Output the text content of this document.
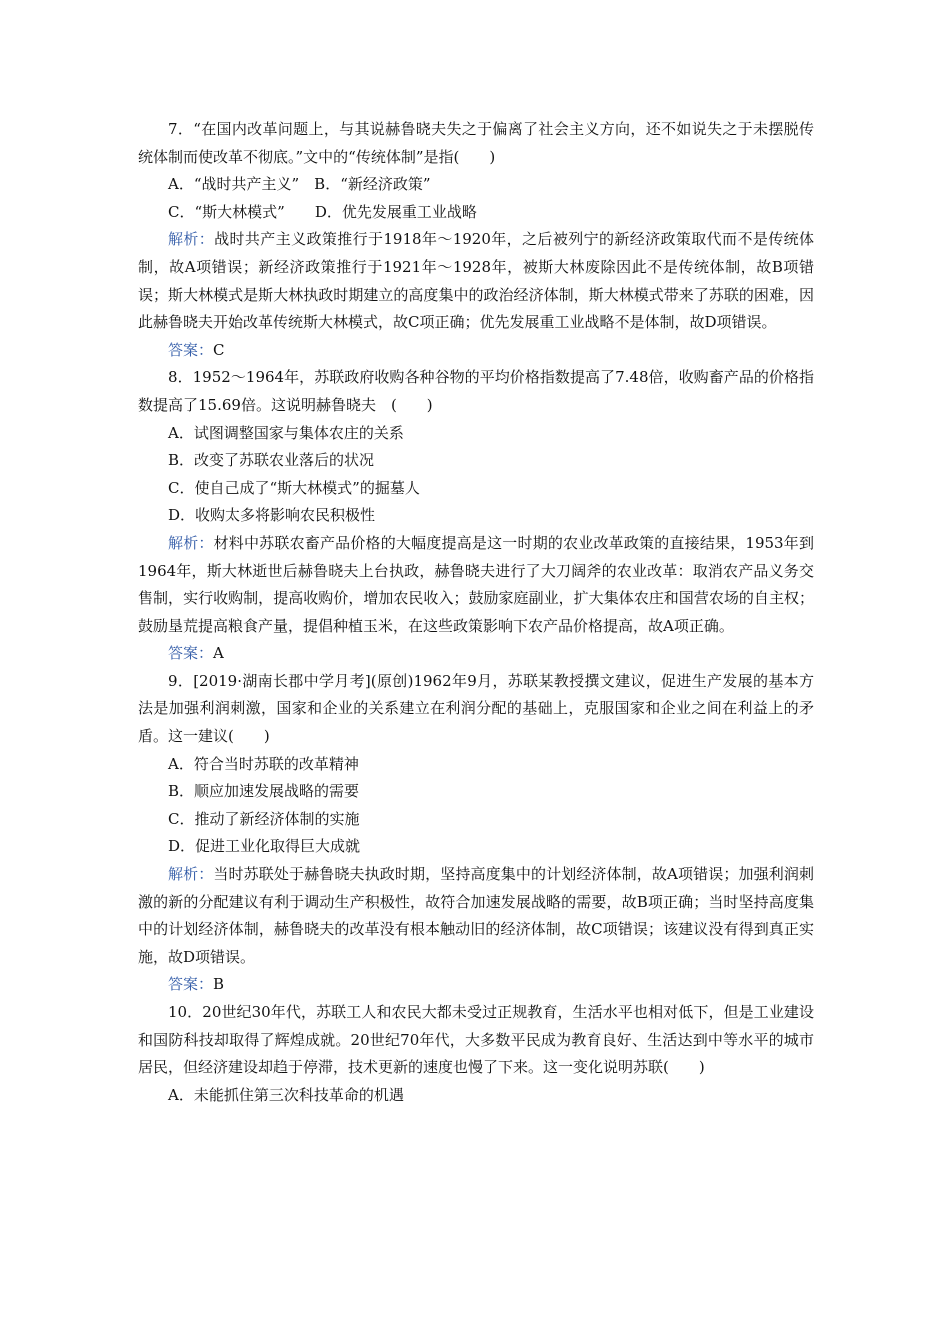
7．“在国内改革问题上，与其说赫鲁晓夫失之于偏离了社会主义方向，还不如说失之于未摆脱传统体制而使改革不彻底。”文中的“传统体制”是指(　　)

A．“战时共产主义”　B．“新经济政策”

C．“斯大林模式”　　D．优先发展重工业战略

解析：战时共产主义政策推行于1918年～1920年，之后被列宁的新经济政策取代而不是传统体制，故A项错误；新经济政策推行于1921年～1928年，被斯大林废除因此不是传统体制，故B项错误；斯大林模式是斯大林执政时期建立的高度集中的政治经济体制，斯大林模式带来了苏联的困难，因此赫鲁晓夫开始改革传统斯大林模式，故C项正确；优先发展重工业战略不是体制，故D项错误。

答案：C

8．1952～1964年，苏联政府收购各种谷物的平均价格指数提高了7.48倍，收购畜产品的价格指数提高了15.69倍。这说明赫鲁晓夫　(　　)

A．试图调整国家与集体农庄的关系

B．改变了苏联农业落后的状况

C．使自己成了“斯大林模式”的掘墓人

D．收购太多将影响农民积极性

解析：材料中苏联农畜产品价格的大幅度提高是这一时期的农业改革政策的直接结果，1953年到1964年，斯大林逝世后赫鲁晓夫上台执政，赫鲁晓夫进行了大刀阔斧的农业改革：取消农产品义务交售制，实行收购制，提高收购价，增加农民收入；鼓励家庭副业，扩大集体农庄和国营农场的自主权；鼓励垦荒提高粮食产量，提倡种植玉米，在这些政策影响下农产品价格提高，故A项正确。

答案：A

9．[2019·湖南长郡中学月考](原创)1962年9月，苏联某教授撰文建议，促进生产发展的基本方法是加强利润刺激，国家和企业的关系建立在利润分配的基础上，克服国家和企业之间在利益上的矛盾。这一建议(　　)

A．符合当时苏联的改革精神

B．顺应加速发展战略的需要

C．推动了新经济体制的实施

D．促进工业化取得巨大成就

解析：当时苏联处于赫鲁晓夫执政时期，坚持高度集中的计划经济体制，故A项错误；加强利润刺激的新的分配建议有利于调动生产积极性，故符合加速发展战略的需要，故B项正确；当时坚持高度集中的计划经济体制，赫鲁晓夫的改革没有根本触动旧的经济体制，故C项错误；该建议没有得到真正实施，故D项错误。

答案：B

10．20世纪30年代，苏联工人和农民大都未受过正规教育，生活水平也相对低下，但是工业建设和国防科技却取得了辉煌成就。20世纪70年代，大多数平民成为教育良好、生活达到中等水平的城市居民，但经济建设却趋于停滞，技术更新的速度也慢了下来。这一变化说明苏联(　　)

A．未能抓住第三次科技革命的机遇
